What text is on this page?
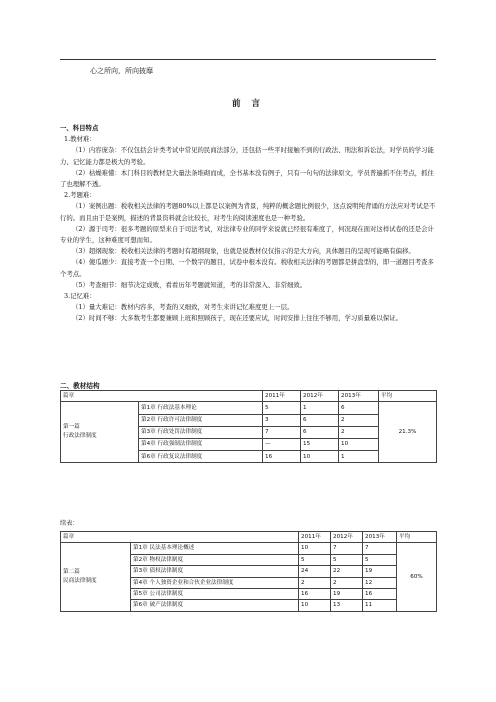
心之所向，所向披靡
前 言

一、科目特点

1.教材难：

（1）内容庞杂：不仅包括会计类考试中常见的民商法部分，还包括一些平时接触不到的行政法、刑法和诉讼法，对学员的学习能力、记忆能力都是极大的考验。

（2）枯燥难懂：本门科目的教材是大量法条堆砌而成，全书基本没有例子，只有一句句的法律原文，学员普遍抓不住考点，抓住了也理解不透。

2.考题难：

（1）案例出题：税收相关法律的考题80%以上都是以案例为背景，纯粹的概念题比例很少，这点说明纯背诵的方法应对考试是不行的。而且由于是案例，描述的背景资料就会比较长，对考生的阅读速度也是一种考验。

（2）源于司考：很多考题的原型来自于司法考试，对法律专业的同学来说就已经很有难度了，何况现在面对这样试卷的还是会计专业的学生，这种难度可想而知。

（3）超纲现象：税收相关法律的考题时有超纲现象，也就是说教材仅仅指示的是大方向，具体题目的呈现可能略有偏移。

（4）傻瓜题少：直接考查一个日期、一个数字的题目，试卷中根本没有。税收相关法律的考题都是拼盘型的，即一道题目考查多个考点。

（5）考查细节：细节决定成败，看看历年考题就知道，考的非常深入、非常细致。

3.记忆难：

（1）量大难记：教材内容多，考查的又细致，对考生来讲记忆难度更上一层。

（2）时间不够：大多数考生都要兼顾上班和照顾孩子，现在还要应试，时间安排上往往不够用，学习质量难以保证。

二、教材结构
篇章		2011年	2012年	2013年	平均
第一篇
行政法律制度	第1章 行政法基本理论	5	1	6	21.3%
	第2章 行政许可法律制度	3	6	2	
	第3章 行政处罚法律制度	7	6	2	
	第4章 行政强制法律制度	—	15	10	
	第6章 行政复议法律制度	16	10	1	
续表：
篇章		2011年	2012年	2013年	平均
第二篇
民商法律制度	第1章 民法基本理论概述	10	7	7	60%
	第2章 物权法律制度	5	5	5	
	第3章 债权法律制度	24	22	19	
	第4章 个人独资企业和合伙企业法律制度	2	2	12	
	第5章 公司法律制度	16	19	16	
	第6章 破产法律制度	10	13	11	
